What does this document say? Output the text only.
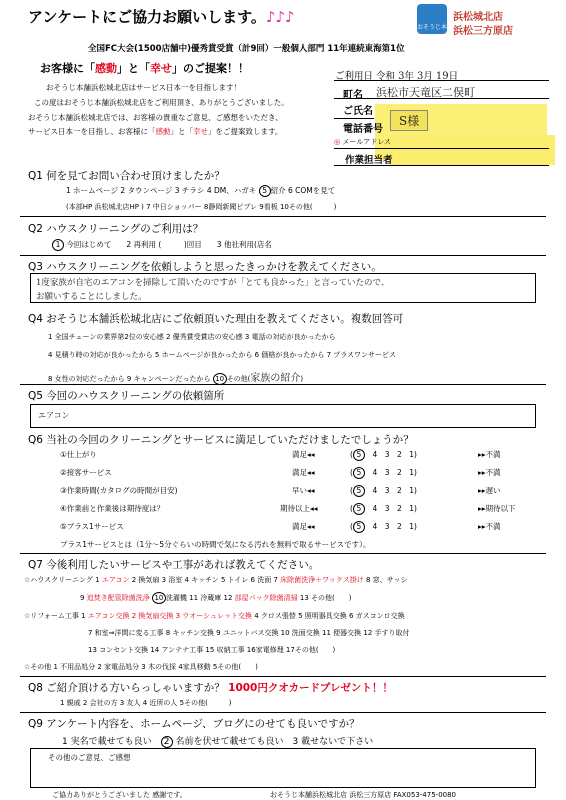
アンケートにご協力お願いします。♪♪♪
おそうじ本舗
浜松城北店
浜松三方原店
全国FC大会(1500店舗中)優秀賞受賞（計9回）一般個人部門 11年連続東海第1位
お客様に「感動」と「幸せ」のご提案！！
おそうじ本舗浜松城北店はサービス日本一を目指します！
この度はおそうじ本舗浜松城北店をご利用頂き、ありがとうございました。
おそうじ本舗浜松城北店では、お客様の貴重なご意見、ご感想をいただき、
サービス日本一を目指し、お客様に「感動」と「幸せ」をご提案致します。
ご利用日 令和 3年 3月 19日
町名 浜松市天竜区二俣町
ご氏名
S様
電話番号
◎ メールアドレス
作業担当者
Q1 何を見てお問い合わせ頂けましたか？
1 ホームページ 2 タウンページ 3 チラシ 4 DM、ハガキ 5 紹介 6 COMを見て
(本部HP 浜松城北店HP ) 7 中日ショッパー 8静岡新聞ビブレ 9看板 10その他(　　　)
Q2 ハウスクリーニングのご利用は？
1 今回はじめて　　 2 再利用 (　　　)回目　　 3 他社利用(店名
Q3 ハウスクリーニングを依頼しようと思ったきっかけを教えてください。
1度家族が自宅のエアコンを掃除して頂いたのですが「とても良かった」と言っていたので、
お願いすることにしました。
Q4 おそうじ本舗浜松城北店にご依頼頂いた理由を教えてください。複数回答可
1 全国チェーンの業界第2位の安心感 2 優秀賞受賞店の安心感 3 電話の対応が良かったから
4 見積り時の対応が良かったから 5 ホームページが良かったから 6 価格が良かったから 7 プラスワンサービス
8 女性の対応だったから 9 キャンペーンだったから 10 その他(家族の紹介)
Q5 今回のハウスクリーニングの依頼箇所
エアコン
Q6 当社の今回のクリーニングとサービスに満足していただけましたでしょうか？
①仕上がり	満足◂◂	( 5　 4　3　2　1)	▸▸不満
②接客サービス	満足◂◂	( 5　 4　3　2　1)	▸▸不満
③作業時間(カタログの時間が目安)	早い◂◂	( 5　 4　3　2　1)	▸▸遅い
④作業前と作業後は期待度は？	期待以上◂◂	( 5　 4　3　2　1)	▸▸期待以下
⑤プラス1サービス	満足◂◂	( 5　 4　3　2　1)	▸▸不満
プラス1サービスとは（1分～5分ぐらいの時間で気になる汚れを無料で取るサービスです）。
Q7 今後利用したいサービスや工事があれば教えてください。
☆ハウスクリーニング 1 エアコン 2 換気扇 3 浴室 4 キッチン 5 トイレ 6 洗面 7 床除菌洗浄＋ワックス掛け 8 窓、サッシ
9 追焚き配管除菌洗浄 10 洗濯機 11 冷蔵庫 12 部屋パック除菌清掃 13 その他(　　)
☆リフォーム工事 1 エアコン交換 2 換気扇交換 3 ウオーシュレット交換 4 クロス張替 5 照明器具交換 6 ガスコンロ交換
7 和室⇒洋間に変る工事 8 キッチン交換 9 ユニットバス交換 10 洗面交換 11 便器交換 12 手すり取付
13 コンセント交換 14 アンテナ工事 15 収納工事 16家電修理 17その他(　　)
☆その他 1 不用品処分 2 家電品処分 3 木の伐採 4家具移動 5その他(　　)
Q8 ご紹介頂ける方いらっしゃいますか？ 1000円クオカードプレゼント！！
1 親戚 2 会社の方 3 友人 4 近所の人 5その他(　　　)
Q9 アンケート内容を、ホームページ、ブログにのせても良いですか？
1 実名で載せても良い　 2 名前を伏せて載せても良い　 3 載せないで下さい
その他のご意見、ご感想
ご協力ありがとうございました 感謝です。	おそうじ本舗浜松城北店 浜松三方原店 FAX053-475-0080
